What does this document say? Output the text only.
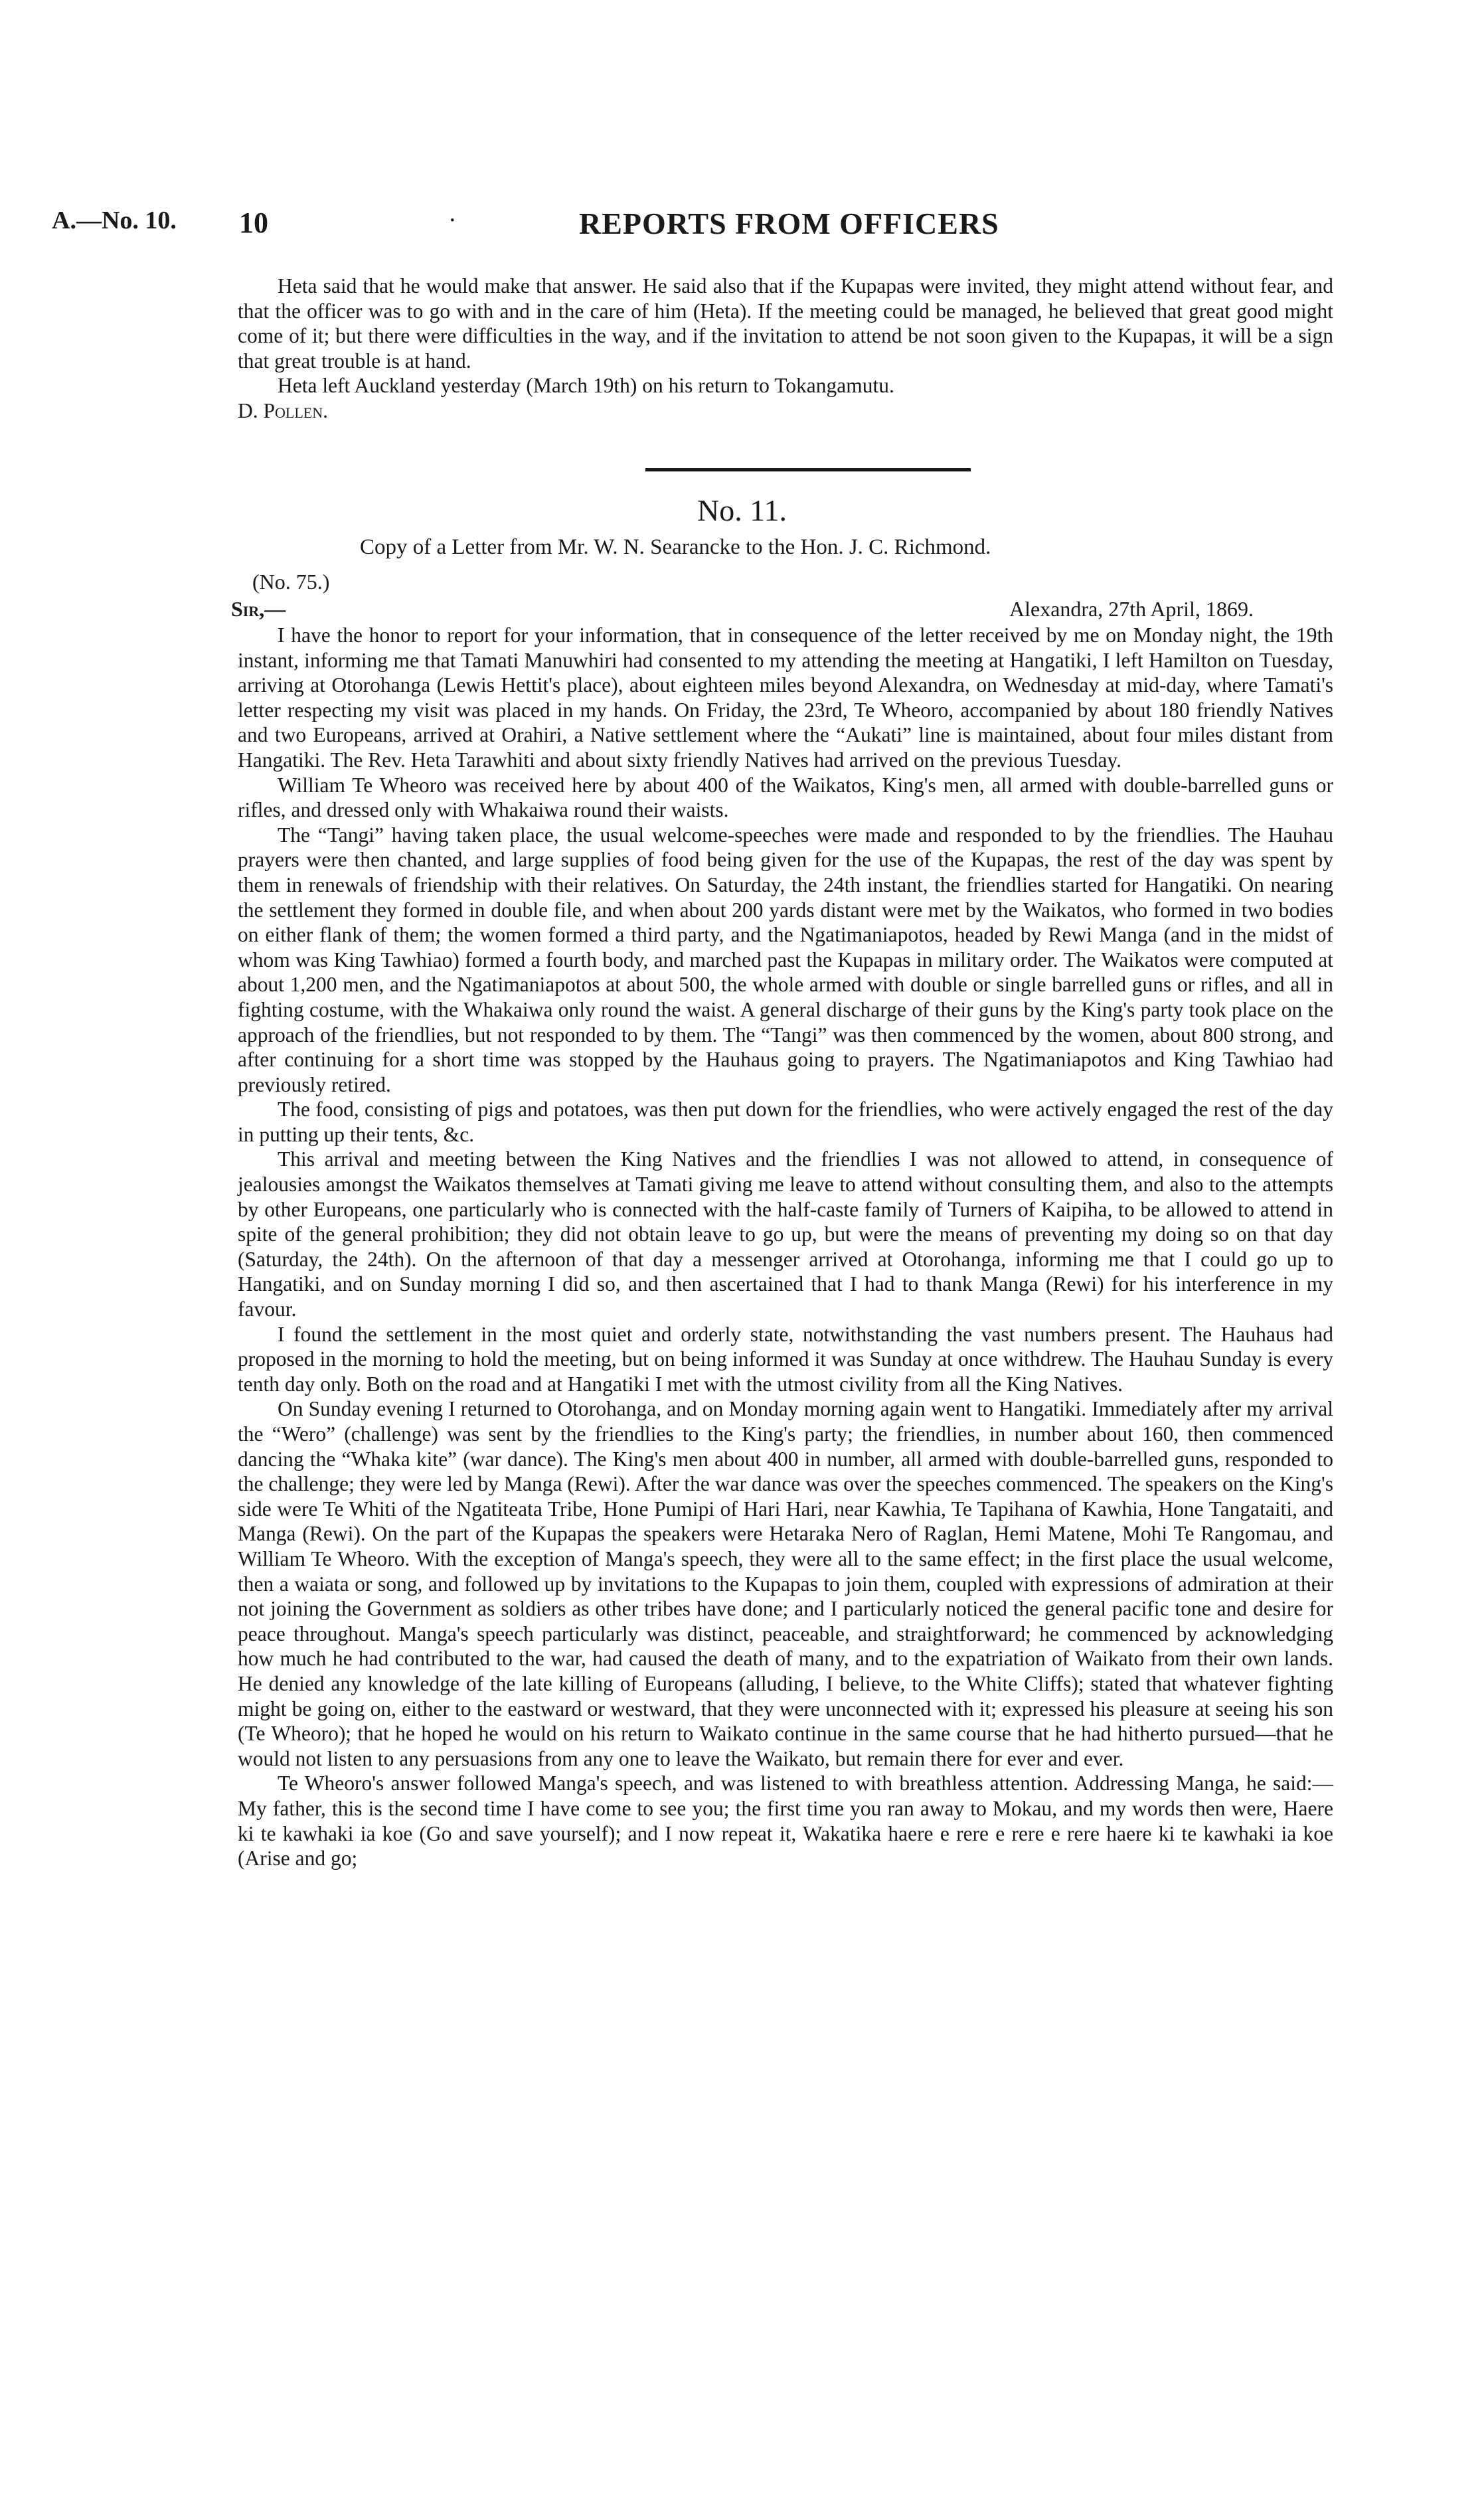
A.—No. 10. 10	·	REPORTS FROM OFFICERS

Heta said that he would make that answer. He said also that if the Kupapas were invited, they might attend without fear, and that the officer was to go with and in the care of him (Heta). If the meeting could be managed, he believed that great good might come of it; but there were difficulties in the way, and if the invitation to attend be not soon given to the Kupapas, it will be a sign that great trouble is at hand.

Heta left Auckland yesterday (March 19th) on his return to Tokangamutu.

D. Pollen.

No. 11.
Copy of a Letter from Mr. W. N. Searancke to the Hon. J. C. Richmond.
(No. 75.)
Sir,—	Alexandra, 27th April, 1869.

I have the honor to report for your information, that in consequence of the letter received by me on Monday night, the 19th instant, informing me that Tamati Manuwhiri had consented to my attending the meeting at Hangatiki, I left Hamilton on Tuesday, arriving at Otorohanga (Lewis Hettit's place), about eighteen miles beyond Alexandra, on Wednesday at mid-day, where Tamati's letter respecting my visit was placed in my hands. On Friday, the 23rd, Te Wheoro, accompanied by about 180 friendly Natives and two Europeans, arrived at Orahiri, a Native settlement where the “Aukati” line is maintained, about four miles distant from Hangatiki. The Rev. Heta Tarawhiti and about sixty friendly Natives had arrived on the previous Tuesday.

William Te Wheoro was received here by about 400 of the Waikatos, King's men, all armed with double-barrelled guns or rifles, and dressed only with Whakaiwa round their waists.

The “Tangi” having taken place, the usual welcome-speeches were made and responded to by the friendlies. The Hauhau prayers were then chanted, and large supplies of food being given for the use of the Kupapas, the rest of the day was spent by them in renewals of friendship with their relatives. On Saturday, the 24th instant, the friendlies started for Hangatiki. On nearing the settlement they formed in double file, and when about 200 yards distant were met by the Waikatos, who formed in two bodies on either flank of them; the women formed a third party, and the Ngatimaniapotos, headed by Rewi Manga (and in the midst of whom was King Tawhiao) formed a fourth body, and marched past the Kupapas in military order. The Waikatos were computed at about 1,200 men, and the Ngatimaniapotos at about 500, the whole armed with double or single barrelled guns or rifles, and all in fighting costume, with the Whakaiwa only round the waist. A general discharge of their guns by the King's party took place on the approach of the friendlies, but not responded to by them. The “Tangi” was then commenced by the women, about 800 strong, and after continuing for a short time was stopped by the Hauhaus going to prayers. The Ngatimaniapotos and King Tawhiao had previously retired.

The food, consisting of pigs and potatoes, was then put down for the friendlies, who were actively engaged the rest of the day in putting up their tents, &c.

This arrival and meeting between the King Natives and the friendlies I was not allowed to attend, in consequence of jealousies amongst the Waikatos themselves at Tamati giving me leave to attend without consulting them, and also to the attempts by other Europeans, one particularly who is connected with the half-caste family of Turners of Kaipiha, to be allowed to attend in spite of the general prohibition; they did not obtain leave to go up, but were the means of preventing my doing so on that day (Saturday, the 24th). On the afternoon of that day a messenger arrived at Otorohanga, informing me that I could go up to Hangatiki, and on Sunday morning I did so, and then ascertained that I had to thank Manga (Rewi) for his interference in my favour.

I found the settlement in the most quiet and orderly state, notwithstanding the vast numbers present. The Hauhaus had proposed in the morning to hold the meeting, but on being informed it was Sunday at once withdrew. The Hauhau Sunday is every tenth day only. Both on the road and at Hangatiki I met with the utmost civility from all the King Natives.

On Sunday evening I returned to Otorohanga, and on Monday morning again went to Hangatiki. Immediately after my arrival the “Wero” (challenge) was sent by the friendlies to the King's party; the friendlies, in number about 160, then commenced dancing the “Whaka kite” (war dance). The King's men about 400 in number, all armed with double-barrelled guns, responded to the challenge; they were led by Manga (Rewi). After the war dance was over the speeches commenced. The speakers on the King's side were Te Whiti of the Ngatiteata Tribe, Hone Pumipi of Hari Hari, near Kawhia, Te Tapihana of Kawhia, Hone Tangataiti, and Manga (Rewi). On the part of the Kupapas the speakers were Hetaraka Nero of Raglan, Hemi Matene, Mohi Te Rangomau, and William Te Wheoro. With the exception of Manga's speech, they were all to the same effect; in the first place the usual welcome, then a waiata or song, and followed up by invitations to the Kupapas to join them, coupled with expressions of admiration at their not joining the Government as soldiers as other tribes have done; and I particularly noticed the general pacific tone and desire for peace throughout. Manga's speech particularly was distinct, peaceable, and straightforward; he commenced by acknowledging how much he had contributed to the war, had caused the death of many, and to the expatriation of Waikato from their own lands. He denied any knowledge of the late killing of Europeans (alluding, I believe, to the White Cliffs); stated that whatever fighting might be going on, either to the eastward or westward, that they were unconnected with it; expressed his pleasure at seeing his son (Te Wheoro); that he hoped he would on his return to Waikato continue in the same course that he had hitherto pursued—that he would not listen to any persuasions from any one to leave the Waikato, but remain there for ever and ever.

Te Wheoro's answer followed Manga's speech, and was listened to with breathless attention. Addressing Manga, he said:—My father, this is the second time I have come to see you; the first time you ran away to Mokau, and my words then were, Haere ki te kawhaki ia koe (Go and save yourself); and I now repeat it, Wakatika haere e rere e rere e rere haere ki te kawhaki ia koe (Arise and go;
